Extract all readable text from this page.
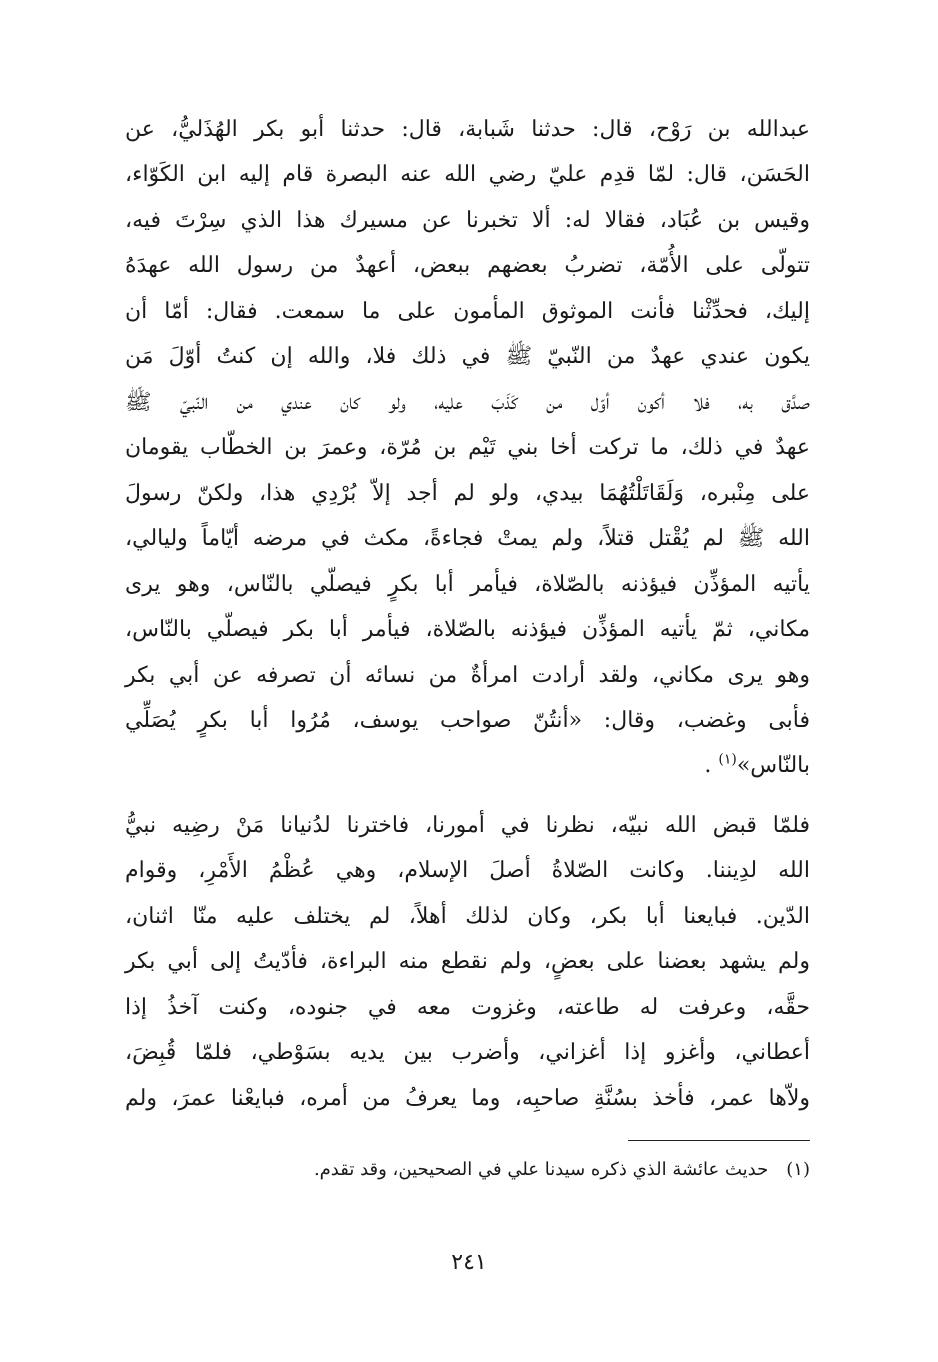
عبدالله بن رَوْح، قال: حدثنا شَبابة، قال: حدثنا أبو بكر الهُذَليُّ، عن
الحَسَن، قال: لمّا قدِم عليّ رضي الله عنه البصرة قام إليه ابن الكَوّاء،
وقيس بن عُبَاد، فقالا له: ألا تخبرنا عن مسيرك هذا الذي سِرْتَ فيه،
تتولّى على الأُمّة، تضربُ بعضهم ببعض، أعهدٌ من رسول الله عهدَهُ
إليك، فحدِّثْنا فأنت الموثوق المأمون على ما سمعت. فقال: أمّا أن
يكون عندي عهدٌ من النّبيّ ﷺ في ذلك فلا، والله إن كنتُ أوّلَ مَن
صدَّق به، فلا أكون أوّل من كَذَبَ عليه، ولو كان عندي من النّبيّ ﷺ
عهدٌ في ذلك، ما تركت أخا بني تَيْم بن مُرّة، وعمرَ بن الخطّاب يقومان
على مِنْبره، وَلَقَاتَلْتُهُمَا بيدي، ولو لم أجد إلاّ بُرْدِي هذا، ولكنّ رسولَ
الله ﷺ لم يُقْتل قتلاً، ولم يمتْ فجاءةً، مكث في مرضه أيّاماً وليالي،
يأتيه المؤذِّن فيؤذنه بالصّلاة، فيأمر أبا بكرٍ فيصلّي بالنّاس، وهو يرى
مكاني، ثمّ يأتيه المؤذِّن فيؤذنه بالصّلاة، فيأمر أبا بكر فيصلّي بالنّاس،
وهو يرى مكاني، ولقد أرادت امرأةٌ من نسائه أن تصرفه عن أبي بكر
فأبى وغضب، وقال: «أنتُنّ صواحب يوسف، مُرُوا أبا بكرٍ يُصَلِّي
بالنّاس»$^{(١)}$ .
فلمّا قبض الله نبيّه، نظرنا في أمورنا، فاخترنا لدُنيانا مَنْ رضِيه نبيُّ
الله لدِيننا. وكانت الصّلاةُ أصلَ الإسلام، وهي عُظْمُ الأَمْرِ، وقوام
الدّين. فبايعنا أبا بكر، وكان لذلك أهلاً، لم يختلف عليه منّا اثنان،
ولم يشهد بعضنا على بعضٍ، ولم نقطع منه البراءة، فأدّيتُ إلى أبي بكر
حقَّه، وعرفت له طاعته، وغزوت معه في جنوده، وكنت آخذُ إذا
أعطاني، وأغزو إذا أغزاني، وأضرب بين يديه بسَوْطي، فلمّا قُبِضَ،
ولاّها عمر، فأخذ بسُنَّةِ صاحبِه، وما يعرفُ من أمره، فبايعْنا عمرَ، ولم
(١)حديث عائشة الذي ذكره سيدنا علي في الصحيحين، وقد تقدم.
٢٤١
